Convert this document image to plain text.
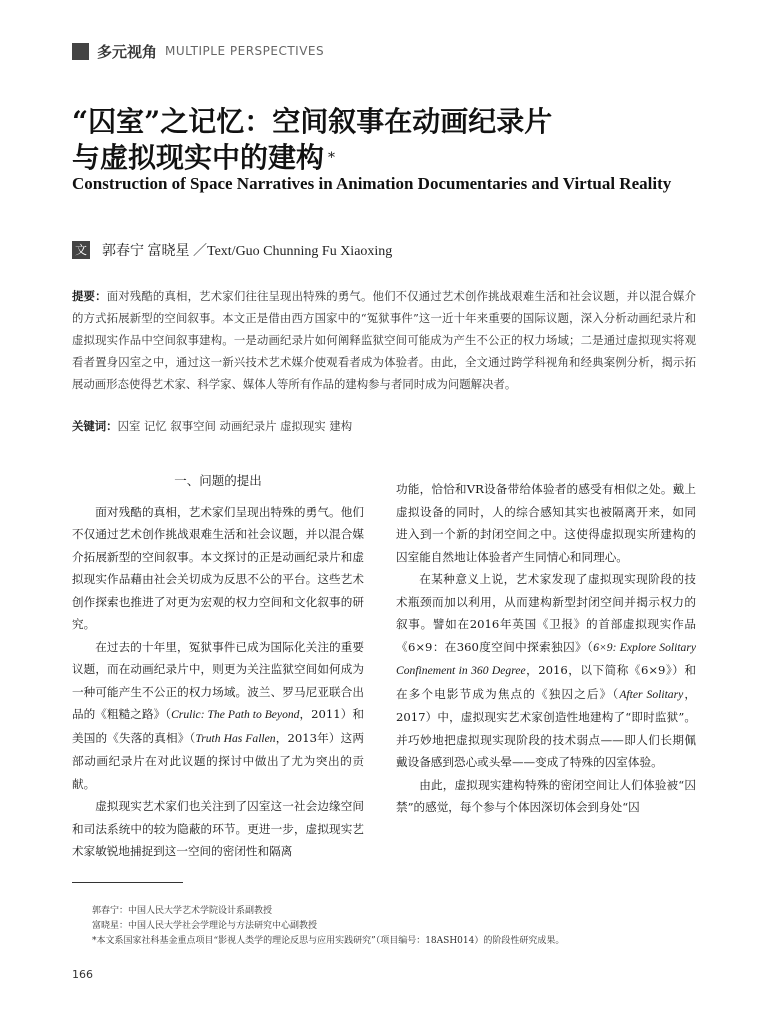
多元视角 MULTIPLE PERSPECTIVES
“囚室”之记忆：空间叙事在动画纪录片
与虚拟现实中的建构 *
Construction of Space Narratives in Animation Documentaries and Virtual Reality
文 郭春宁 富晓星 ／Text/Guo Chunning Fu Xiaoxing
提要：面对残酷的真相，艺术家们往往呈现出特殊的勇气。他们不仅通过艺术创作挑战艰难生活和社会议题，并以混合媒介的方式拓展新型的空间叙事。本文正是借由西方国家中的“冤狱事件”这一近十年来重要的国际议题，深入分析动画纪录片和虚拟现实作品中空间叙事建构。一是动画纪录片如何阐释监狱空间可能成为产生不公正的权力场域；二是通过虚拟现实将观看者置身囚室之中，通过这一新兴技术艺术媒介使观看者成为体验者。由此，全文通过跨学科视角和经典案例分析，揭示拓展动画形态使得艺术家、科学家、媒体人等所有作品的建构参与者同时成为问题解决者。
关键词：囚室 记忆 叙事空间 动画纪录片 虚拟现实 建构

一、问题的提出

面对残酷的真相，艺术家们呈现出特殊的勇气。他们不仅通过艺术创作挑战艰难生活和社会议题，并以混合媒介拓展新型的空间叙事。本文探讨的正是动画纪录片和虚拟现实作品藉由社会关切成为反思不公的平台。这些艺术创作探索也推进了对更为宏观的权力空间和文化叙事的研究。

在过去的十年里，冤狱事件已成为国际化关注的重要议题，而在动画纪录片中，则更为关注监狱空间如何成为一种可能产生不公正的权力场域。波兰、罗马尼亚联合出品的《粗糙之路》（Crulic: The Path to Beyond，2011）和美国的《失落的真相》（Truth Has Fallen，2013年）这两部动画纪录片在对此议题的探讨中做出了尤为突出的贡献。

虚拟现实艺术家们也关注到了囚室这一社会边缘空间和司法系统中的较为隐蔽的环节。更进一步，虚拟现实艺术家敏锐地捕捉到这一空间的密闭性和隔离

功能，恰恰和VR设备带给体验者的感受有相似之处。戴上虚拟设备的同时，人的综合感知其实也被隔离开来，如同进入到一个新的封闭空间之中。这使得虚拟现实所建构的囚室能自然地让体验者产生同情心和同理心。

在某种意义上说，艺术家发现了虚拟现实现阶段的技术瓶颈而加以利用，从而建构新型封闭空间并揭示权力的叙事。譬如在2016年英国《卫报》的首部虚拟现实作品《6×9：在360度空间中探索独囚》（6×9: Explore Solitary Confinement in 360 Degree，2016，以下简称《6×9》）和在多个电影节成为焦点的《独囚之后》（After Solitary，2017）中，虚拟现实艺术家创造性地建构了“即时监狱”。并巧妙地把虚拟现实现阶段的技术弱点——即人们长期佩戴设备感到恐心或头晕——变成了特殊的囚室体验。

由此，虚拟现实建构特殊的密闭空间让人们体验被“囚禁”的感觉，每个参与个体因深切体会到身处“囚

郭春宁：中国人民大学艺术学院设计系副教授
富晓星：中国人民大学社会学理论与方法研究中心副教授
*本文系国家社科基金重点项目“影视人类学的理论反思与应用实践研究”（项目编号：18ASH014）的阶段性研究成果。
166
